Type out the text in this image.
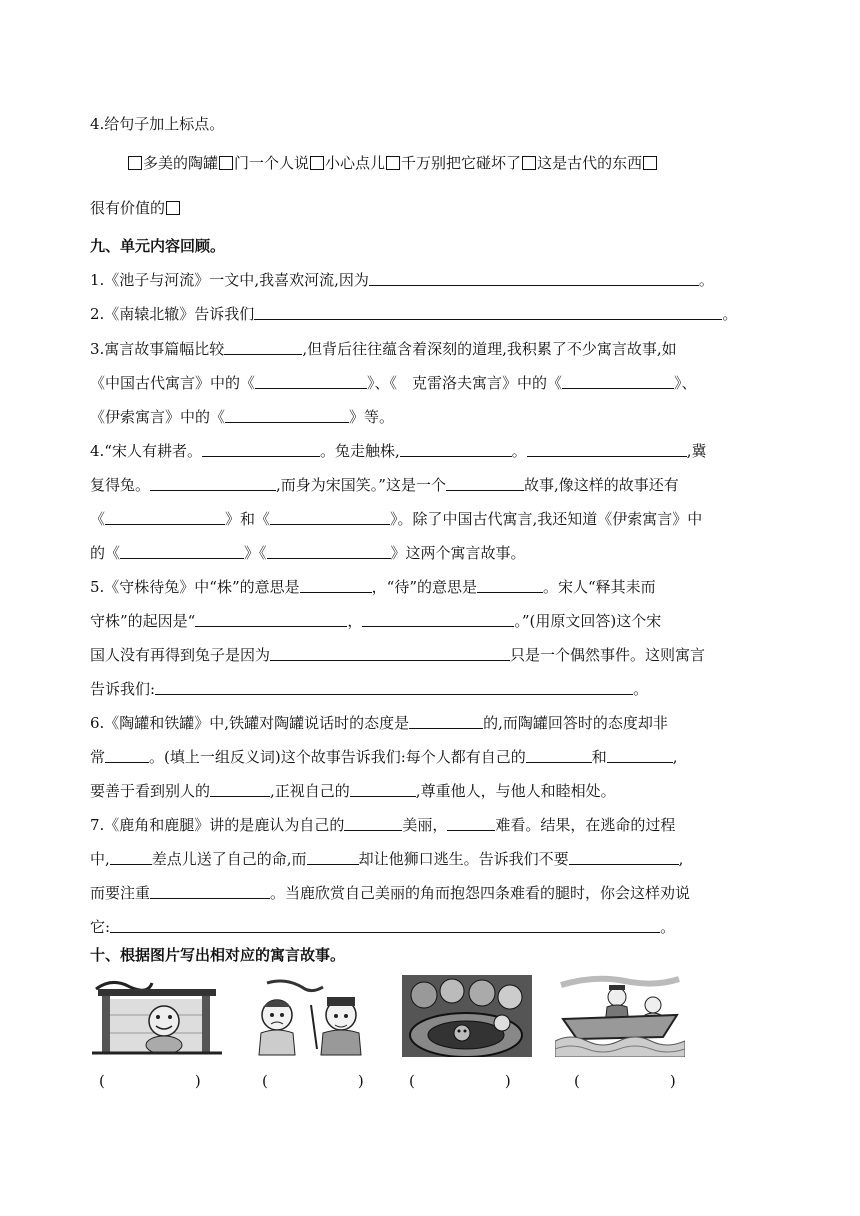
4.给句子加上标点。
多美的陶罐 门一个人说 小心点儿 千万别把它碰坏了 这是古代的东西
很有价值的
九、单元内容回顾。
1.《池子与河流》一文中,我喜欢河流,因为	。
2.《南辕北辙》告诉我们	。
3.寓言故事篇幅比较	,但背后往往蕴含着深刻的道理,我积累了不少寓言故事,如
《中国古代寓言》中的《	》、《　克雷洛夫寓言》中的《	》、
《伊索寓言》中的《	》等。
4.“宋人有耕者。	。兔走触株,	。	,冀
复得兔。	,而身为宋国笑。”这是一个	故事,像这样的故事还有
《	》和《	》。除了中国古代寓言,我还知道《伊索寓言》中
的《	》《	》这两个寓言故事。
5.《守株待兔》中“株”的意思是	，“待”的意思是	。宋人“释其耒而
守株”的起因是“	，	。”(用原文回答)这个宋
国人没有再得到兔子是因为	只是一个偶然事件。这则寓言
告诉我们:	。
6.《陶罐和铁罐》中,铁罐对陶罐说话时的态度是	的,而陶罐回答时的态度却非
常	。(填上一组反义词)这个故事告诉我们:每个人都有自己的	和	,
要善于看到别人的	,正视自己的	,尊重他人，与他人和睦相处。
7.《鹿角和鹿腿》讲的是鹿认为自己的	美丽，	难看。结果，在逃命的过程
中,	差点儿送了自己的命,而	却让他狮口逃生。告诉我们不要	,
而要注重	。当鹿欣赏自己美丽的角而抱怨四条难看的腿时，你会这样劝说
它:	。
十、根据图片写出相对应的寓言故事。
(　　　　　　)	(　　　　　　)	(　　　　　　)	(　　　　　　)
